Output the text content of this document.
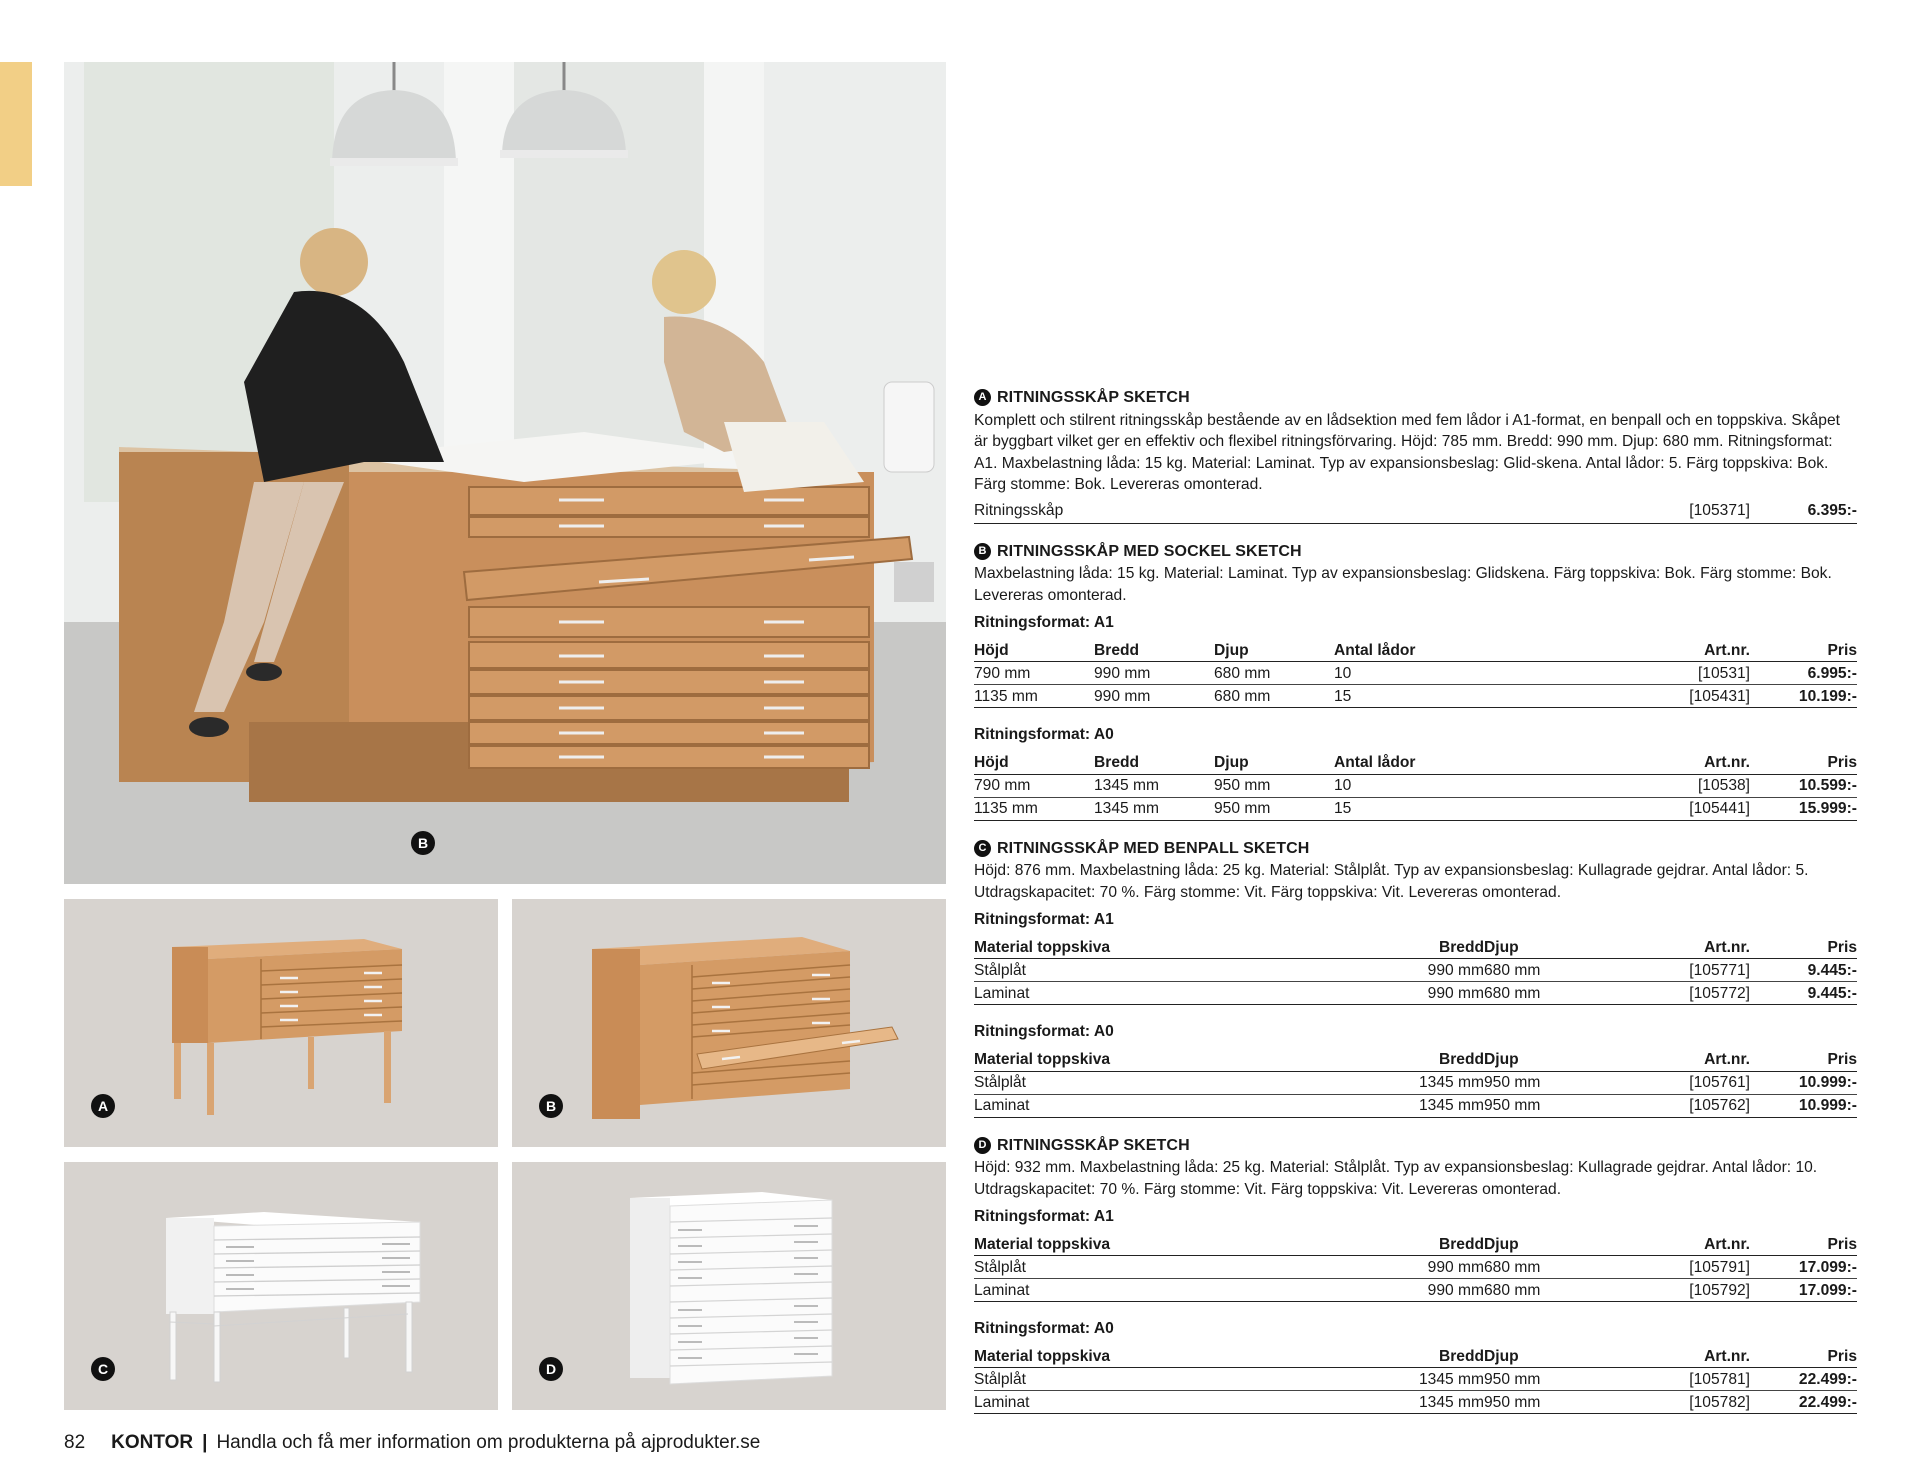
B
A	B
C	D
A RITNINGSSKÅP SKETCH

Komplett och stilrent ritningsskåp bestående av en lådsektion med fem lådor i A1-format, en benpall och en toppskiva. Skåpet är byggbart vilket ger en effektiv och flexibel ritningsförvaring. Höjd: 785 mm. Bredd: 990 mm. Djup: 680 mm. Ritningsformat: A1. Maxbelastning låda: 15 kg. Material: Laminat. Typ av expansionsbeslag: Glid-skena. Antal lådor: 5. Färg toppskiva: Bok. Färg stomme: Bok. Levereras omonterad.

Ritningsskåp	[105371]	6.395:-
B RITNINGSSKÅP MED SOCKEL SKETCH

Maxbelastning låda: 15 kg. Material: Laminat. Typ av expansionsbeslag: Glidskena. Färg toppskiva: Bok. Färg stomme: Bok. Levereras omonterad.

Ritningsformat: A1
Höjd	Bredd	Djup	Antal lådor	Art.nr.	Pris
790 mm	990 mm	680 mm	10	[10531]	6.995:-
1135 mm	990 mm	680 mm	15	[105431]	10.199:-
Ritningsformat: A0
Höjd	Bredd	Djup	Antal lådor	Art.nr.	Pris
790 mm	1345 mm	950 mm	10	[10538]	10.599:-
1135 mm	1345 mm	950 mm	15	[105441]	15.999:-
C RITNINGSSKÅP MED BENPALL SKETCH

Höjd: 876 mm. Maxbelastning låda: 25 kg. Material: Stålplåt. Typ av expansionsbeslag: Kullagrade gejdrar. Antal lådor: 5. Utdragskapacitet: 70 %. Färg stomme: Vit. Färg toppskiva: Vit. Levereras omonterad.

Ritningsformat: A1
Material toppskiva	Bredd	Djup	Art.nr.	Pris
Stålplåt	990 mm	680 mm	[105771]	9.445:-
Laminat	990 mm	680 mm	[105772]	9.445:-
Ritningsformat: A0
Material toppskiva	Bredd	Djup	Art.nr.	Pris
Stålplåt	1345 mm	950 mm	[105761]	10.999:-
Laminat	1345 mm	950 mm	[105762]	10.999:-
D RITNINGSSKÅP SKETCH

Höjd: 932 mm. Maxbelastning låda: 25 kg. Material: Stålplåt. Typ av expansionsbeslag: Kullagrade gejdrar. Antal lådor: 10. Utdragskapacitet: 70 %. Färg stomme: Vit. Färg toppskiva: Vit. Levereras omonterad.

Ritningsformat: A1
Material toppskiva	Bredd	Djup	Art.nr.	Pris
Stålplåt	990 mm	680 mm	[105791]	17.099:-
Laminat	990 mm	680 mm	[105792]	17.099:-
Ritningsformat: A0
Material toppskiva	Bredd	Djup	Art.nr.	Pris
Stålplåt	1345 mm	950 mm	[105781]	22.499:-
Laminat	1345 mm	950 mm	[105782]	22.499:-
82 KONTOR | Handla och få mer information om produkterna på ajprodukter.se
